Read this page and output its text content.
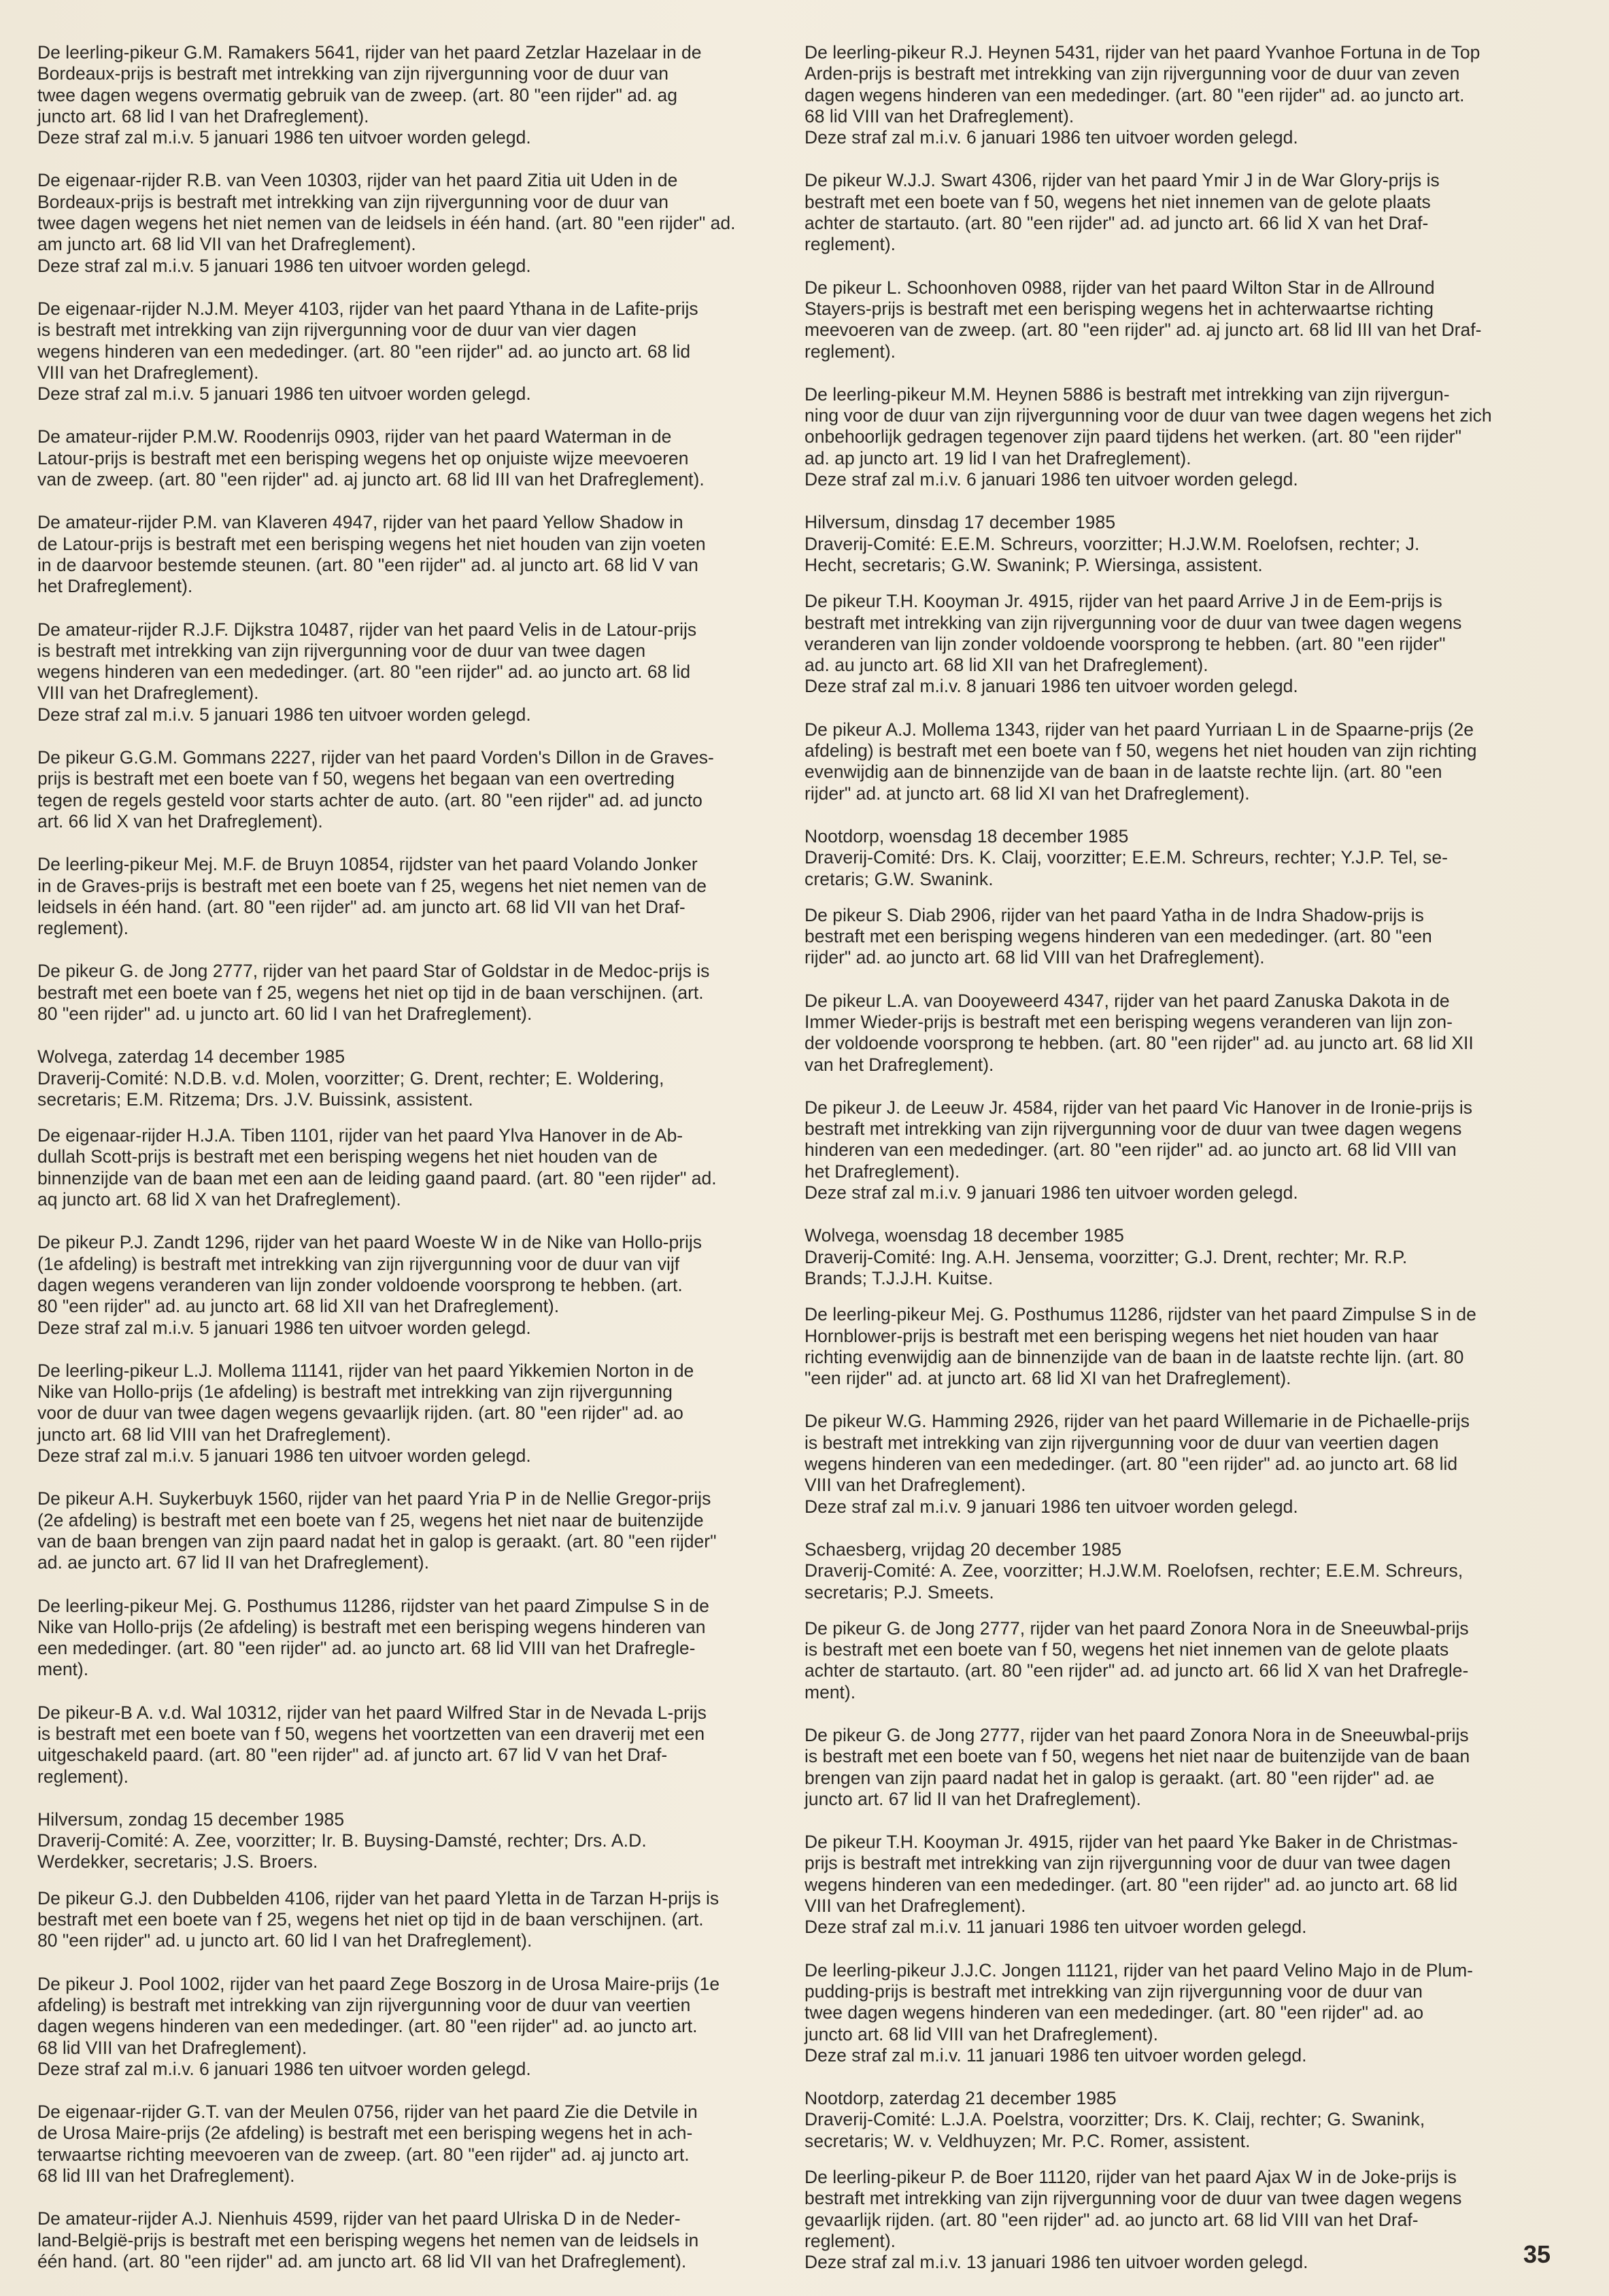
De leerling-pikeur G.M. Ramakers 5641, rijder van het paard Zetzlar Hazelaar in de
Bordeaux-prijs is bestraft met intrekking van zijn rijvergunning voor de duur van
twee dagen wegens overmatig gebruik van de zweep. (art. 80 "een rijder" ad. ag
juncto art. 68 lid I van het Drafreglement).
Deze straf zal m.i.v. 5 januari 1986 ten uitvoer worden gelegd.
De eigenaar-rijder R.B. van Veen 10303, rijder van het paard Zitia uit Uden in de
Bordeaux-prijs is bestraft met intrekking van zijn rijvergunning voor de duur van
twee dagen wegens het niet nemen van de leidsels in één hand. (art. 80 "een rijder" ad.
am juncto art. 68 lid VII van het Drafreglement).
Deze straf zal m.i.v. 5 januari 1986 ten uitvoer worden gelegd.
De eigenaar-rijder N.J.M. Meyer 4103, rijder van het paard Ythana in de Lafite-prijs
is bestraft met intrekking van zijn rijvergunning voor de duur van vier dagen
wegens hinderen van een mededinger. (art. 80 "een rijder" ad. ao juncto art. 68 lid
VIII van het Drafreglement).
Deze straf zal m.i.v. 5 januari 1986 ten uitvoer worden gelegd.
De amateur-rijder P.M.W. Roodenrijs 0903, rijder van het paard Waterman in de
Latour-prijs is bestraft met een berisping wegens het op onjuiste wijze meevoeren
van de zweep. (art. 80 "een rijder" ad. aj juncto art. 68 lid III van het Drafreglement).
De amateur-rijder P.M. van Klaveren 4947, rijder van het paard Yellow Shadow in
de Latour-prijs is bestraft met een berisping wegens het niet houden van zijn voeten
in de daarvoor bestemde steunen. (art. 80 "een rijder" ad. al juncto art. 68 lid V van
het Drafreglement).
De amateur-rijder R.J.F. Dijkstra 10487, rijder van het paard Velis in de Latour-prijs
is bestraft met intrekking van zijn rijvergunning voor de duur van twee dagen
wegens hinderen van een mededinger. (art. 80 "een rijder" ad. ao juncto art. 68 lid
VIII van het Drafreglement).
Deze straf zal m.i.v. 5 januari 1986 ten uitvoer worden gelegd.
De pikeur G.G.M. Gommans 2227, rijder van het paard Vorden's Dillon in de Graves-
prijs is bestraft met een boete van f 50, wegens het begaan van een overtreding
tegen de regels gesteld voor starts achter de auto. (art. 80 "een rijder" ad. ad juncto
art. 66 lid X van het Drafreglement).
De leerling-pikeur Mej. M.F. de Bruyn 10854, rijdster van het paard Volando Jonker
in de Graves-prijs is bestraft met een boete van f 25, wegens het niet nemen van de
leidsels in één hand. (art. 80 "een rijder" ad. am juncto art. 68 lid VII van het Draf-
reglement).
De pikeur G. de Jong 2777, rijder van het paard Star of Goldstar in de Medoc-prijs is
bestraft met een boete van f 25, wegens het niet op tijd in de baan verschijnen. (art.
80 "een rijder" ad. u juncto art. 60 lid I van het Drafreglement).
Wolvega, zaterdag 14 december 1985
Draverij-Comité: N.D.B. v.d. Molen, voorzitter; G. Drent, rechter; E. Woldering,
secretaris; E.M. Ritzema; Drs. J.V. Buissink, assistent.
De eigenaar-rijder H.J.A. Tiben 1101, rijder van het paard Ylva Hanover in de Ab-
dullah Scott-prijs is bestraft met een berisping wegens het niet houden van de
binnenzijde van de baan met een aan de leiding gaand paard. (art. 80 "een rijder" ad.
aq juncto art. 68 lid X van het Drafreglement).
De pikeur P.J. Zandt 1296, rijder van het paard Woeste W in de Nike van Hollo-prijs
(1e afdeling) is bestraft met intrekking van zijn rijvergunning voor de duur van vijf
dagen wegens veranderen van lijn zonder voldoende voorsprong te hebben. (art.
80 "een rijder" ad. au juncto art. 68 lid XII van het Drafreglement).
Deze straf zal m.i.v. 5 januari 1986 ten uitvoer worden gelegd.
De leerling-pikeur L.J. Mollema 11141, rijder van het paard Yikkemien Norton in de
Nike van Hollo-prijs (1e afdeling) is bestraft met intrekking van zijn rijvergunning
voor de duur van twee dagen wegens gevaarlijk rijden. (art. 80 "een rijder" ad. ao
juncto art. 68 lid VIII van het Drafreglement).
Deze straf zal m.i.v. 5 januari 1986 ten uitvoer worden gelegd.
De pikeur A.H. Suykerbuyk 1560, rijder van het paard Yria P in de Nellie Gregor-prijs
(2e afdeling) is bestraft met een boete van f 25, wegens het niet naar de buitenzijde
van de baan brengen van zijn paard nadat het in galop is geraakt. (art. 80 "een rijder"
ad. ae juncto art. 67 lid II van het Drafreglement).
De leerling-pikeur Mej. G. Posthumus 11286, rijdster van het paard Zimpulse S in de
Nike van Hollo-prijs (2e afdeling) is bestraft met een berisping wegens hinderen van
een mededinger. (art. 80 "een rijder" ad. ao juncto art. 68 lid VIII van het Drafregle-
ment).
De pikeur-B A. v.d. Wal 10312, rijder van het paard Wilfred Star in de Nevada L-prijs
is bestraft met een boete van f 50, wegens het voortzetten van een draverij met een
uitgeschakeld paard. (art. 80 "een rijder" ad. af juncto art. 67 lid V van het Draf-
reglement).
Hilversum, zondag 15 december 1985
Draverij-Comité: A. Zee, voorzitter; Ir. B. Buysing-Damsté, rechter; Drs. A.D.
Werdekker, secretaris; J.S. Broers.
De pikeur G.J. den Dubbelden 4106, rijder van het paard Yletta in de Tarzan H-prijs is
bestraft met een boete van f 25, wegens het niet op tijd in de baan verschijnen. (art.
80 "een rijder" ad. u juncto art. 60 lid I van het Drafreglement).
De pikeur J. Pool 1002, rijder van het paard Zege Boszorg in de Urosa Maire-prijs (1e
afdeling) is bestraft met intrekking van zijn rijvergunning voor de duur van veertien
dagen wegens hinderen van een mededinger. (art. 80 "een rijder" ad. ao juncto art.
68 lid VIII van het Drafreglement).
Deze straf zal m.i.v. 6 januari 1986 ten uitvoer worden gelegd.
De eigenaar-rijder G.T. van der Meulen 0756, rijder van het paard Zie die Detvile in
de Urosa Maire-prijs (2e afdeling) is bestraft met een berisping wegens het in ach-
terwaartse richting meevoeren van de zweep. (art. 80 "een rijder" ad. aj juncto art.
68 lid III van het Drafreglement).
De amateur-rijder A.J. Nienhuis 4599, rijder van het paard Ulriska D in de Neder-
land-België-prijs is bestraft met een berisping wegens het nemen van de leidsels in
één hand. (art. 80 "een rijder" ad. am juncto art. 68 lid VII van het Drafreglement).
De leerling-pikeur R.J. Heynen 5431, rijder van het paard Yvanhoe Fortuna in de Top
Arden-prijs is bestraft met intrekking van zijn rijvergunning voor de duur van zeven
dagen wegens hinderen van een mededinger. (art. 80 "een rijder" ad. ao juncto art.
68 lid VIII van het Drafreglement).
Deze straf zal m.i.v. 6 januari 1986 ten uitvoer worden gelegd.
De pikeur W.J.J. Swart 4306, rijder van het paard Ymir J in de War Glory-prijs is
bestraft met een boete van f 50, wegens het niet innemen van de gelote plaats
achter de startauto. (art. 80 "een rijder" ad. ad juncto art. 66 lid X van het Draf-
reglement).
De pikeur L. Schoonhoven 0988, rijder van het paard Wilton Star in de Allround
Stayers-prijs is bestraft met een berisping wegens het in achterwaartse richting
meevoeren van de zweep. (art. 80 "een rijder" ad. aj juncto art. 68 lid III van het Draf-
reglement).
De leerling-pikeur M.M. Heynen 5886 is bestraft met intrekking van zijn rijvergun-
ning voor de duur van zijn rijvergunning voor de duur van twee dagen wegens het zich
onbehoorlijk gedragen tegenover zijn paard tijdens het werken. (art. 80 "een rijder"
ad. ap juncto art. 19 lid I van het Drafreglement).
Deze straf zal m.i.v. 6 januari 1986 ten uitvoer worden gelegd.
Hilversum, dinsdag 17 december 1985
Draverij-Comité: E.E.M. Schreurs, voorzitter; H.J.W.M. Roelofsen, rechter; J.
Hecht, secretaris; G.W. Swanink; P. Wiersinga, assistent.
De pikeur T.H. Kooyman Jr. 4915, rijder van het paard Arrive J in de Eem-prijs is
bestraft met intrekking van zijn rijvergunning voor de duur van twee dagen wegens
veranderen van lijn zonder voldoende voorsprong te hebben. (art. 80 "een rijder"
ad. au juncto art. 68 lid XII van het Drafreglement).
Deze straf zal m.i.v. 8 januari 1986 ten uitvoer worden gelegd.
De pikeur A.J. Mollema 1343, rijder van het paard Yurriaan L in de Spaarne-prijs (2e
afdeling) is bestraft met een boete van f 50, wegens het niet houden van zijn richting
evenwijdig aan de binnenzijde van de baan in de laatste rechte lijn. (art. 80 "een
rijder" ad. at juncto art. 68 lid XI van het Drafreglement).
Nootdorp, woensdag 18 december 1985
Draverij-Comité: Drs. K. Claij, voorzitter; E.E.M. Schreurs, rechter; Y.J.P. Tel, se-
cretaris; G.W. Swanink.
De pikeur S. Diab 2906, rijder van het paard Yatha in de Indra Shadow-prijs is
bestraft met een berisping wegens hinderen van een mededinger. (art. 80 "een
rijder" ad. ao juncto art. 68 lid VIII van het Drafreglement).
De pikeur L.A. van Dooyeweerd 4347, rijder van het paard Zanuska Dakota in de
Immer Wieder-prijs is bestraft met een berisping wegens veranderen van lijn zon-
der voldoende voorsprong te hebben. (art. 80 "een rijder" ad. au juncto art. 68 lid XII
van het Drafreglement).
De pikeur J. de Leeuw Jr. 4584, rijder van het paard Vic Hanover in de Ironie-prijs is
bestraft met intrekking van zijn rijvergunning voor de duur van twee dagen wegens
hinderen van een mededinger. (art. 80 "een rijder" ad. ao juncto art. 68 lid VIII van
het Drafreglement).
Deze straf zal m.i.v. 9 januari 1986 ten uitvoer worden gelegd.
Wolvega, woensdag 18 december 1985
Draverij-Comité: Ing. A.H. Jensema, voorzitter; G.J. Drent, rechter; Mr. R.P.
Brands; T.J.J.H. Kuitse.
De leerling-pikeur Mej. G. Posthumus 11286, rijdster van het paard Zimpulse S in de
Hornblower-prijs is bestraft met een berisping wegens het niet houden van haar
richting evenwijdig aan de binnenzijde van de baan in de laatste rechte lijn. (art. 80
"een rijder" ad. at juncto art. 68 lid XI van het Drafreglement).
De pikeur W.G. Hamming 2926, rijder van het paard Willemarie in de Pichaelle-prijs
is bestraft met intrekking van zijn rijvergunning voor de duur van veertien dagen
wegens hinderen van een mededinger. (art. 80 "een rijder" ad. ao juncto art. 68 lid
VIII van het Drafreglement).
Deze straf zal m.i.v. 9 januari 1986 ten uitvoer worden gelegd.
Schaesberg, vrijdag 20 december 1985
Draverij-Comité: A. Zee, voorzitter; H.J.W.M. Roelofsen, rechter; E.E.M. Schreurs,
secretaris; P.J. Smeets.
De pikeur G. de Jong 2777, rijder van het paard Zonora Nora in de Sneeuwbal-prijs
is bestraft met een boete van f 50, wegens het niet innemen van de gelote plaats
achter de startauto. (art. 80 "een rijder" ad. ad juncto art. 66 lid X van het Drafregle-
ment).
De pikeur G. de Jong 2777, rijder van het paard Zonora Nora in de Sneeuwbal-prijs
is bestraft met een boete van f 50, wegens het niet naar de buitenzijde van de baan
brengen van zijn paard nadat het in galop is geraakt. (art. 80 "een rijder" ad. ae
juncto art. 67 lid II van het Drafreglement).
De pikeur T.H. Kooyman Jr. 4915, rijder van het paard Yke Baker in de Christmas-
prijs is bestraft met intrekking van zijn rijvergunning voor de duur van twee dagen
wegens hinderen van een mededinger. (art. 80 "een rijder" ad. ao juncto art. 68 lid
VIII van het Drafreglement).
Deze straf zal m.i.v. 11 januari 1986 ten uitvoer worden gelegd.
De leerling-pikeur J.J.C. Jongen 11121, rijder van het paard Velino Majo in de Plum-
pudding-prijs is bestraft met intrekking van zijn rijvergunning voor de duur van
twee dagen wegens hinderen van een mededinger. (art. 80 "een rijder" ad. ao
juncto art. 68 lid VIII van het Drafreglement).
Deze straf zal m.i.v. 11 januari 1986 ten uitvoer worden gelegd.
Nootdorp, zaterdag 21 december 1985
Draverij-Comité: L.J.A. Poelstra, voorzitter; Drs. K. Claij, rechter; G. Swanink,
secretaris; W. v. Veldhuyzen; Mr. P.C. Romer, assistent.
De leerling-pikeur P. de Boer 11120, rijder van het paard Ajax W in de Joke-prijs is
bestraft met intrekking van zijn rijvergunning voor de duur van twee dagen wegens
gevaarlijk rijden. (art. 80 "een rijder" ad. ao juncto art. 68 lid VIII van het Draf-
reglement).
Deze straf zal m.i.v. 13 januari 1986 ten uitvoer worden gelegd.	35
